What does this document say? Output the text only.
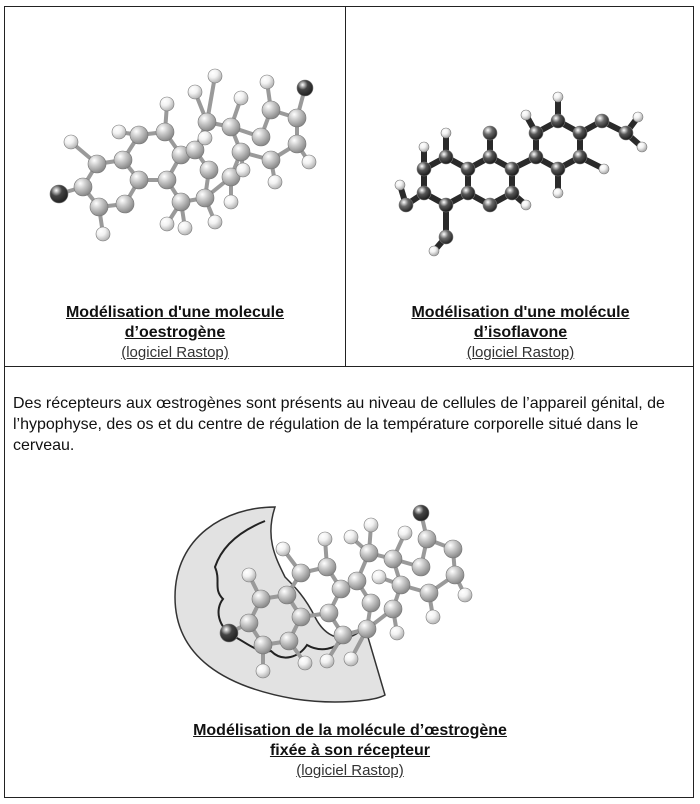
Modélisation d'une molecule
d’oestrogène
(logiciel Rastop)
Modélisation d'une molécule
d’isoflavone
(logiciel Rastop)
Des récepteurs aux œstrogènes sont présents au niveau de cellules de l’appareil génital, de l’hypophyse, des os et du centre de régulation de la température corporelle situé dans le cerveau.
Modélisation de la molécule d’œstrogène
fixée à son récepteur
(logiciel Rastop)
